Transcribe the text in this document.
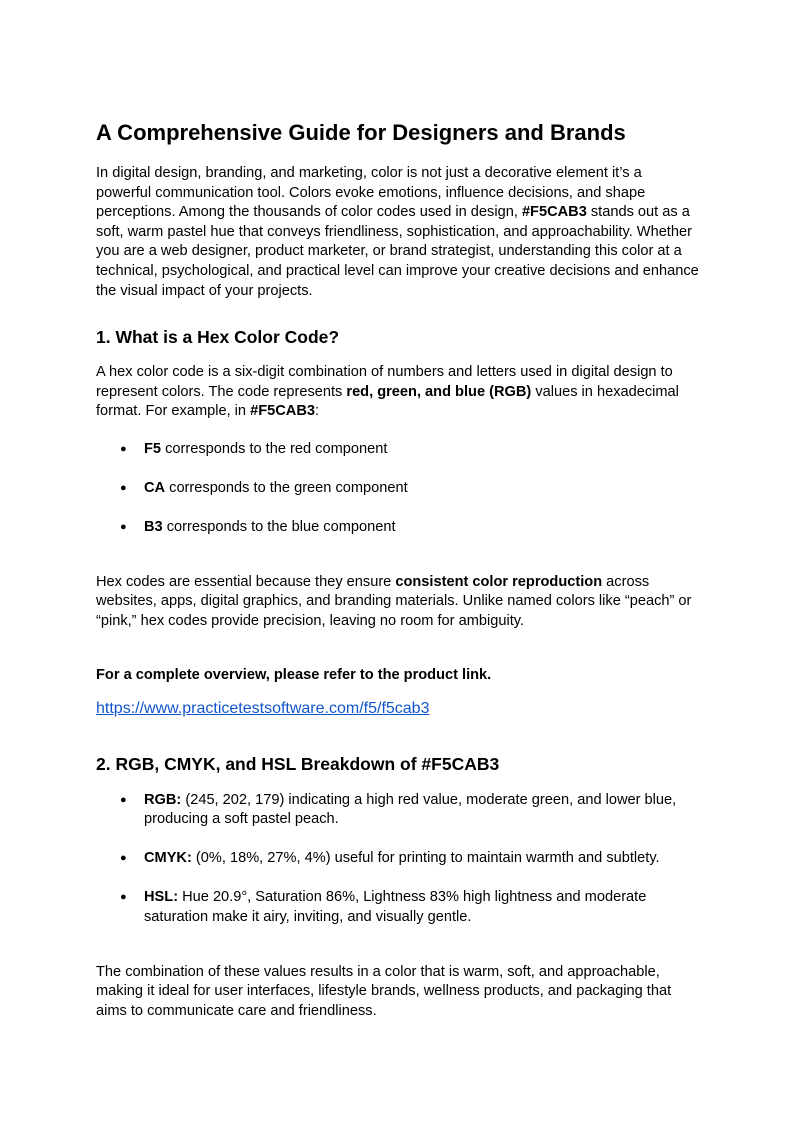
A Comprehensive Guide for Designers and Brands

In digital design, branding, and marketing, color is not just a decorative element it’s a powerful communication tool. Colors evoke emotions, influence decisions, and shape perceptions. Among the thousands of color codes used in design, #F5CAB3 stands out as a soft, warm pastel hue that conveys friendliness, sophistication, and approachability. Whether you are a web designer, product marketer, or brand strategist, understanding this color at a technical, psychological, and practical level can improve your creative decisions and enhance the visual impact of your projects.

1. What is a Hex Color Code?

A hex color code is a six-digit combination of numbers and letters used in digital design to represent colors. The code represents red, green, and blue (RGB) values in hexadecimal format. For example, in #F5CAB3:

● F5 corresponds to the red component
● CA corresponds to the green component
● B3 corresponds to the blue component

Hex codes are essential because they ensure consistent color reproduction across websites, apps, digital graphics, and branding materials. Unlike named colors like “peach” or “pink,” hex codes provide precision, leaving no room for ambiguity.

For a complete overview, please refer to the product link.

https://www.practicetestsoftware.com/f5/f5cab3
2. RGB, CMYK, and HSL Breakdown of #F5CAB3
● RGB: (245, 202, 179) indicating a high red value, moderate green, and lower blue, producing a soft pastel peach.
● CMYK: (0%, 18%, 27%, 4%) useful for printing to maintain warmth and subtlety.
● HSL: Hue 20.9°, Saturation 86%, Lightness 83% high lightness and moderate saturation make it airy, inviting, and visually gentle.

The combination of these values results in a color that is warm, soft, and approachable, making it ideal for user interfaces, lifestyle brands, wellness products, and packaging that aims to communicate care and friendliness.
